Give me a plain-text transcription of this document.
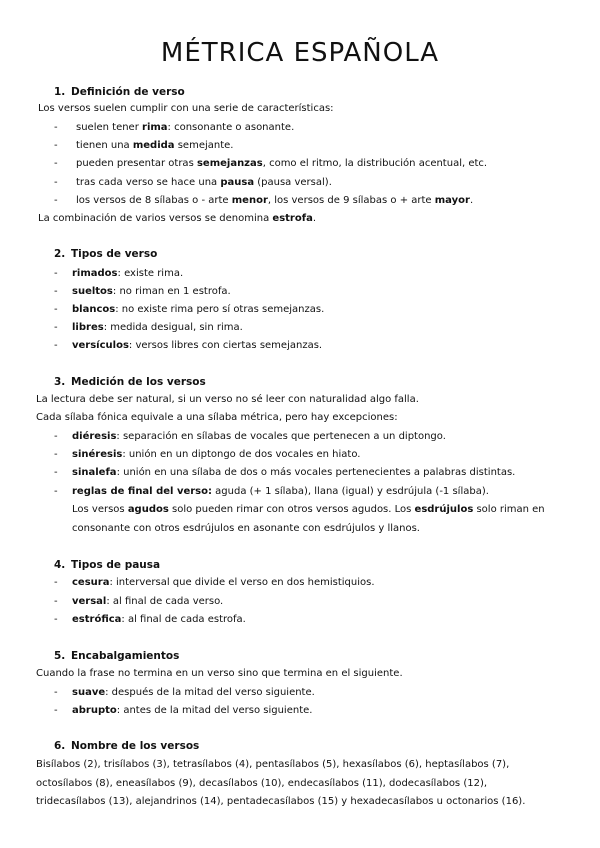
MÉTRICA ESPAÑOLA
1. Definición de verso
Los versos suelen cumplir con una serie de características:
- suelen tener rima: consonante o asonante.
- tienen una medida semejante.
- pueden presentar otras semejanzas, como el ritmo, la distribución acentual, etc.
- tras cada verso se hace una pausa (pausa versal).
- los versos de 8 sílabas o - arte menor, los versos de 9 sílabas o + arte mayor.
La combinación de varios versos se denomina estrofa.
2. Tipos de verso
- rimados: existe rima.
- sueltos: no riman en 1 estrofa.
- blancos: no existe rima pero sí otras semejanzas.
- libres: medida desigual, sin rima.
- versículos: versos libres con ciertas semejanzas.
3. Medición de los versos
La lectura debe ser natural, si un verso no sé leer con naturalidad algo falla.
Cada sílaba fónica equivale a una sílaba métrica, pero hay excepciones:
- diéresis: separación en sílabas de vocales que pertenecen a un diptongo.
- sinéresis: unión en un diptongo de dos vocales en hiato.
- sinalefa: unión en una sílaba de dos o más vocales pertenecientes a palabras distintas.
- reglas de final del verso: aguda (+ 1 sílaba), llana (igual) y esdrújula (-1 sílaba).
Los versos agudos solo pueden rimar con otros versos agudos. Los esdrújulos solo riman en
consonante con otros esdrújulos en asonante con esdrújulos y llanos.
4. Tipos de pausa
- cesura: interversal que divide el verso en dos hemistiquios.
- versal: al final de cada verso.
- estrófica: al final de cada estrofa.
5. Encabalgamientos
Cuando la frase no termina en un verso sino que termina en el siguiente.
- suave: después de la mitad del verso siguiente.
- abrupto: antes de la mitad del verso siguiente.
6. Nombre de los versos
Bisílabos (2), trisílabos (3), tetrasílabos (4), pentasílabos (5), hexasílabos (6), heptasílabos (7),
octosílabos (8), eneasílabos (9), decasílabos (10), endecasílabos (11), dodecasílabos (12),
tridecasílabos (13), alejandrinos (14), pentadecasílabos (15) y hexadecasílabos u octonarios (16).
